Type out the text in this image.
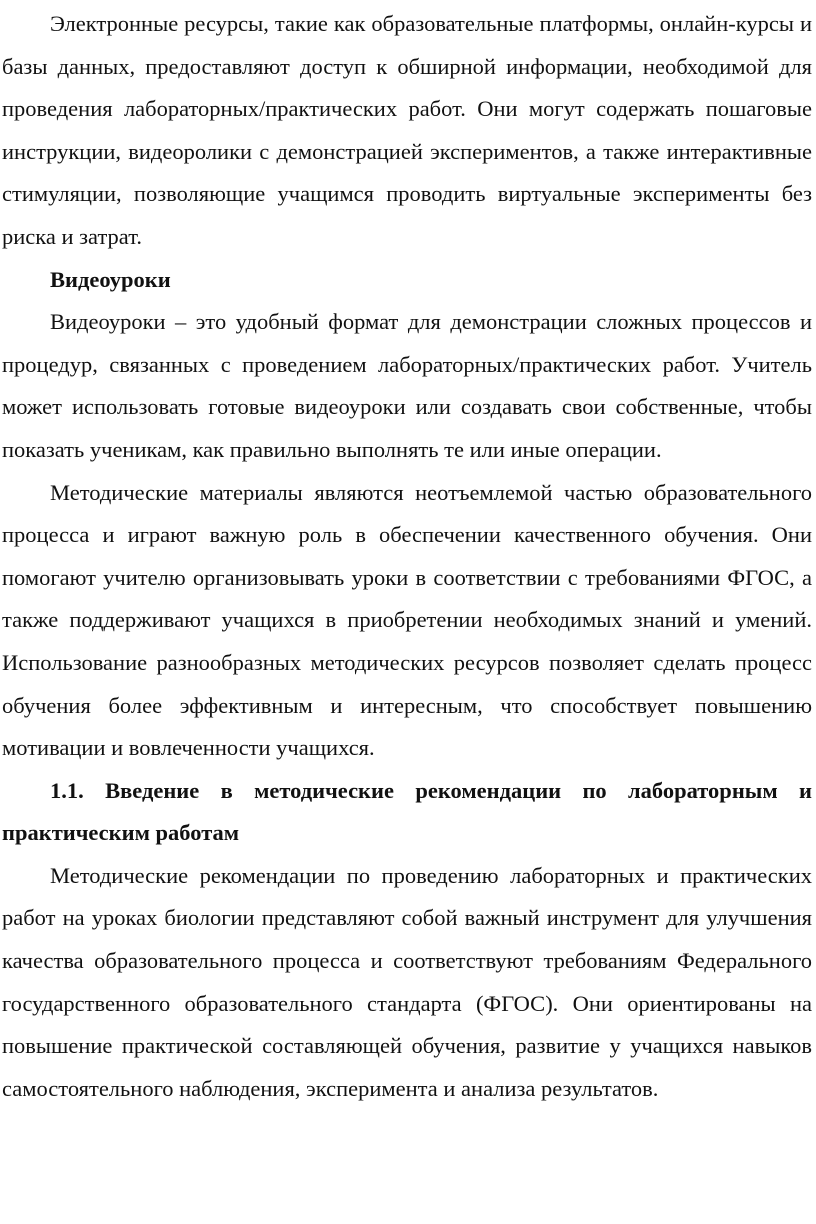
Электронные ресурсы, такие как образовательные платформы, онлайн-курсы и базы данных, предоставляют доступ к обширной информации, необходимой для проведения лабораторных/практических работ. Они могут содержать пошаговые инструкции, видеоролики с демонстрацией экспериментов, а также интерактивные стимуляции, позволяющие учащимся проводить виртуальные эксперименты без риска и затрат.

Видеоуроки

Видеоуроки – это удобный формат для демонстрации сложных процессов и процедур, связанных с проведением лабораторных/практических работ. Учитель может использовать готовые видеоуроки или создавать свои собственные, чтобы показать ученикам, как правильно выполнять те или иные операции.

Методические материалы являются неотъемлемой частью образовательного процесса и играют важную роль в обеспечении качественного обучения. Они помогают учителю организовывать уроки в соответствии с требованиями ФГОС, а также поддерживают учащихся в приобретении необходимых знаний и умений. Использование разнообразных методических ресурсов позволяет сделать процесс обучения более эффективным и интересным, что способствует повышению мотивации и вовлеченности учащихся.

1.1. Введение в методические рекомендации по лабораторным и практическим работам

Методические рекомендации по проведению лабораторных и практических работ на уроках биологии представляют собой важный инструмент для улучшения качества образовательного процесса и соответствуют требованиям Федерального государственного образовательного стандарта (ФГОС). Они ориентированы на повышение практической составляющей обучения, развитие у учащихся навыков самостоятельного наблюдения, эксперимента и анализа результатов.
